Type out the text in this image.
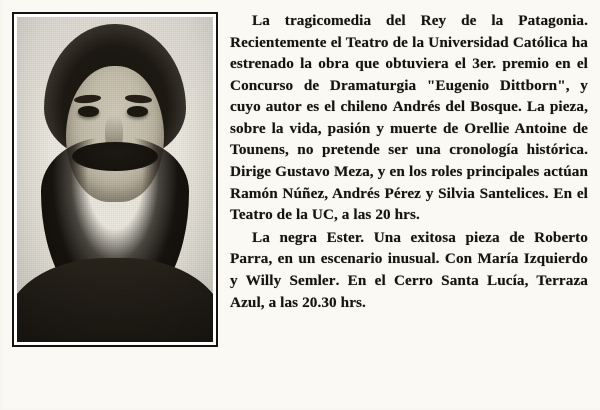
La tragicomedia del Rey de la Patagonia. Recientemente el Teatro de la Universidad Católica ha estrenado la obra que obtuviera el 3er. premio en el Concurso de Dramaturgia "Eugenio Dittborn", y cuyo autor es el chileno Andrés del Bosque. La pieza, sobre la vida, pasión y muerte de Orellie Antoine de Tounens, no pretende ser una cronología histórica. Dirige Gustavo Meza, y en los roles principales actúan Ramón Núñez, Andrés Pérez y Silvia Santelices. En el Teatro de la UC, a las 20 hrs.

La negra Ester. Una exitosa pieza de Roberto Parra, en un escenario inusual. Con María Izquierdo y Willy Semler. En el Cerro Santa Lucía, Terraza Azul, a las 20.30 hrs.
